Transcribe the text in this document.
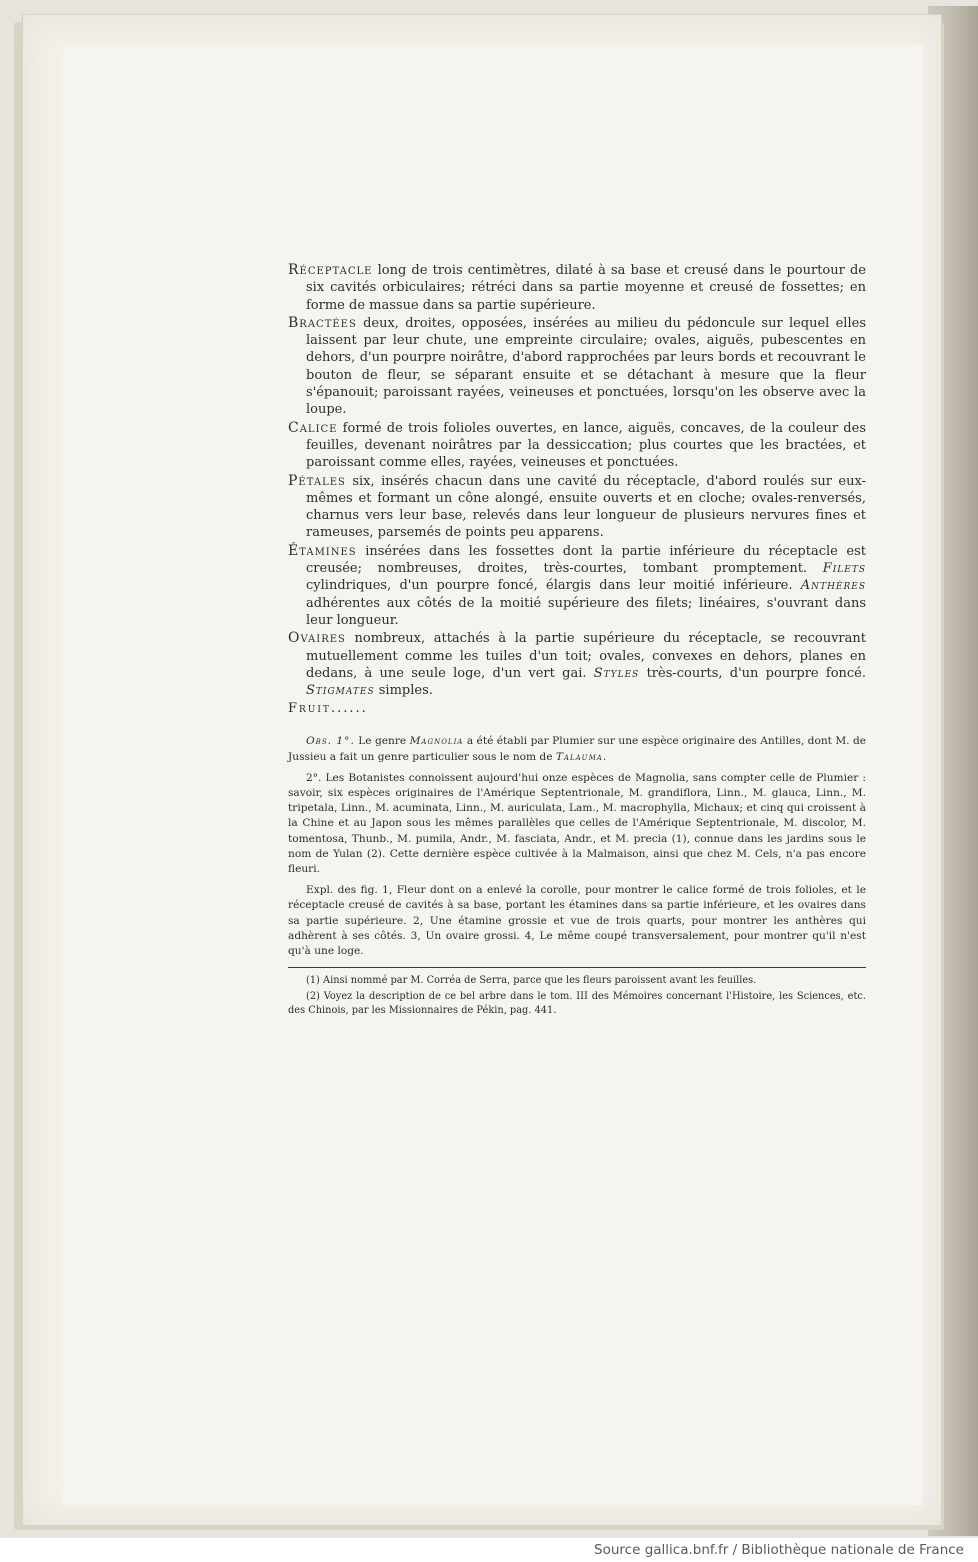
Réceptacle long de trois centimètres, dilaté à sa base et creusé dans le pourtour de six cavités orbiculaires; rétréci dans sa partie moyenne et creusé de fossettes; en forme de massue dans sa partie supérieure.

Bractées deux, droites, opposées, insérées au milieu du pédoncule sur lequel elles laissent par leur chute, une empreinte circulaire; ovales, aiguës, pubescentes en dehors, d'un pourpre noirâtre, d'abord rapprochées par leurs bords et recouvrant le bouton de fleur, se séparant ensuite et se détachant à mesure que la fleur s'épanouit; paroissant rayées, veineuses et ponctuées, lorsqu'on les observe avec la loupe.

Calice formé de trois folioles ouvertes, en lance, aiguës, concaves, de la couleur des feuilles, devenant noirâtres par la dessiccation; plus courtes que les bractées, et paroissant comme elles, rayées, veineuses et ponctuées.

Pétales six, insérés chacun dans une cavité du réceptacle, d'abord roulés sur eux-mêmes et formant un cône alongé, ensuite ouverts et en cloche; ovales-renversés, charnus vers leur base, relevés dans leur longueur de plusieurs nervures fines et rameuses, parsemés de points peu apparens.

Étamines insérées dans les fossettes dont la partie inférieure du réceptacle est creusée; nombreuses, droites, très-courtes, tombant promptement. Filets cylindriques, d'un pourpre foncé, élargis dans leur moitié inférieure. Anthères adhérentes aux côtés de la moitié supérieure des filets; linéaires, s'ouvrant dans leur longueur.

Ovaires nombreux, attachés à la partie supérieure du réceptacle, se recouvrant mutuellement comme les tuiles d'un toit; ovales, convexes en dehors, planes en dedans, à une seule loge, d'un vert gai. Styles très-courts, d'un pourpre foncé. Stigmates simples.

Fruit......

Obs. 1°. Le genre Magnolia a été établi par Plumier sur une espèce originaire des Antilles, dont M. de Jussieu a fait un genre particulier sous le nom de Talauma.

2°. Les Botanistes connoissent aujourd'hui onze espèces de Magnolia, sans compter celle de Plumier : savoir, six espèces originaires de l'Amérique Septentrionale, M. grandiflora, Linn., M. glauca, Linn., M. tripetala, Linn., M. acuminata, Linn., M. auriculata, Lam., M. macrophylla, Michaux; et cinq qui croissent à la Chine et au Japon sous les mêmes parallèles que celles de l'Amérique Septentrionale, M. discolor, M. tomentosa, Thunb., M. pumila, Andr., M. fasciata, Andr., et M. precia (1), connue dans les jardins sous le nom de Yulan (2). Cette dernière espèce cultivée à la Malmaison, ainsi que chez M. Cels, n'a pas encore fleuri.

Expl. des fig. 1, Fleur dont on a enlevé la corolle, pour montrer le calice formé de trois folioles, et le réceptacle creusé de cavités à sa base, portant les étamines dans sa partie inférieure, et les ovaires dans sa partie supérieure. 2, Une étamine grossie et vue de trois quarts, pour montrer les anthères qui adhèrent à ses côtés. 3, Un ovaire grossi. 4, Le même coupé transversalement, pour montrer qu'il n'est qu'à une loge.

(1) Ainsi nommé par M. Corréa de Serra, parce que les fleurs paroissent avant les feuilles.

(2) Voyez la description de ce bel arbre dans le tom. III des Mémoires concernant l'Histoire, les Sciences, etc. des Chinois, par les Missionnaires de Pékin, pag. 441.

Source gallica.bnf.fr / Bibliothèque nationale de France
